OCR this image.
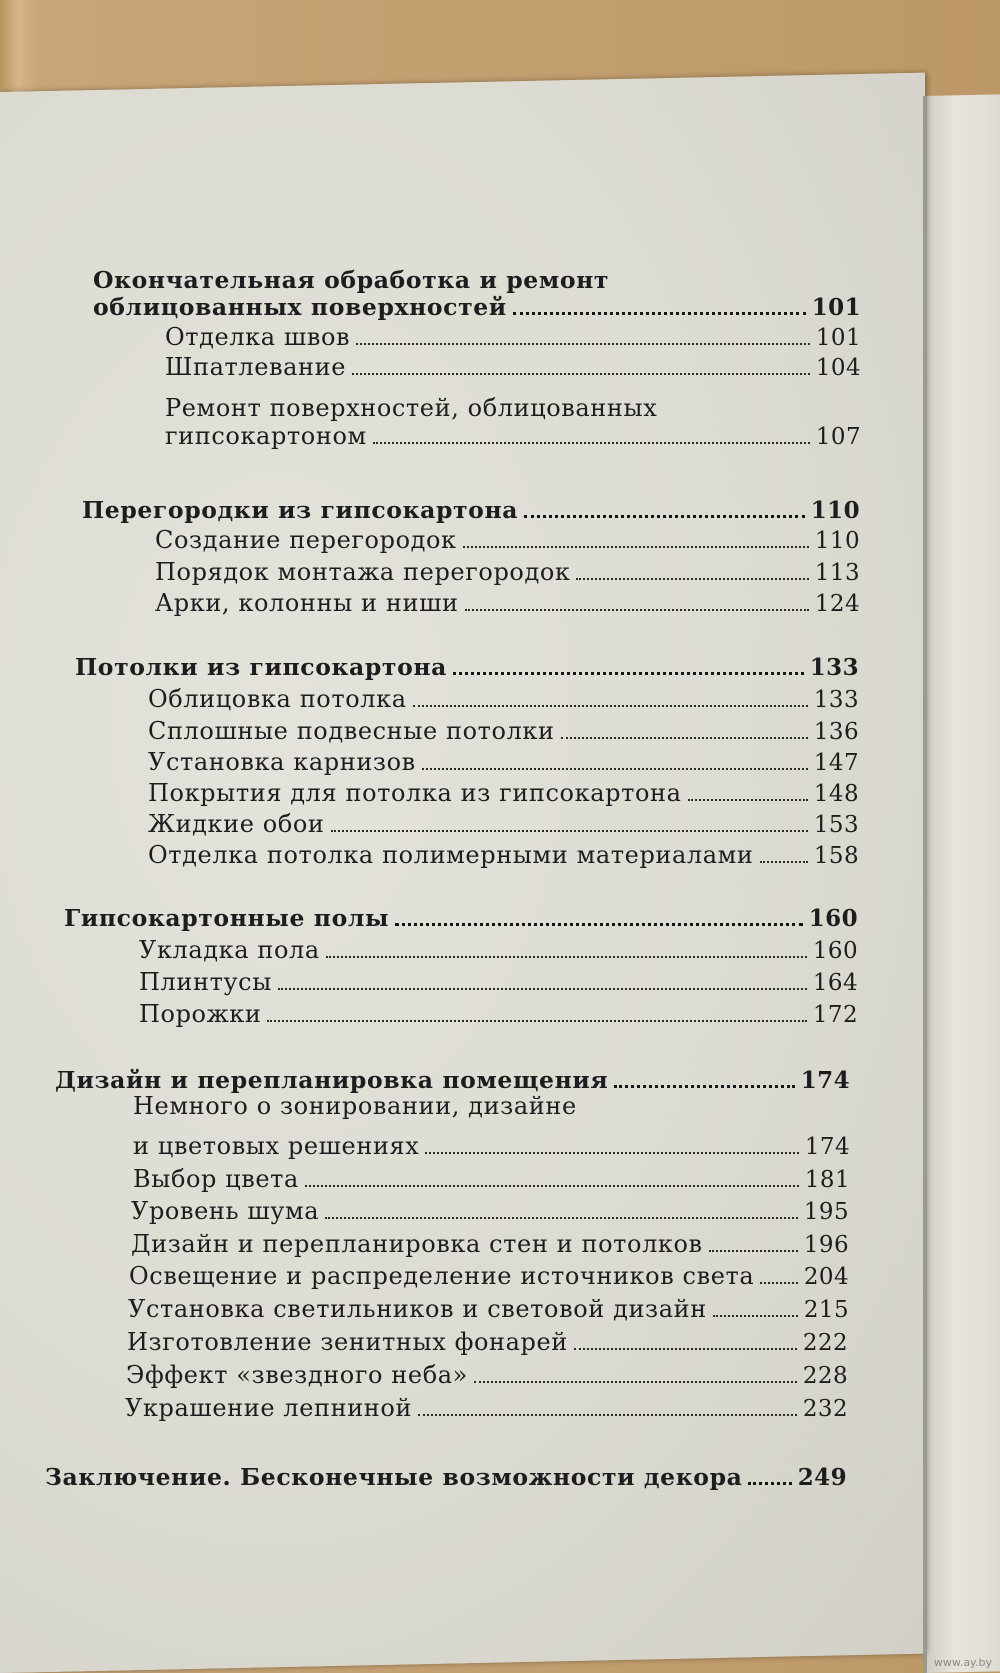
Окончательная обработка и ремонт
облицованных поверхностей	101
Отделка швов	101
Шпатлевание	104
Ремонт поверхностей, облицованных
гипсокартоном	107
Перегородки из гипсокартона	110
Создание перегородок	110
Порядок монтажа перегородок	113
Арки, колонны и ниши	124
Потолки из гипсокартона	133
Облицовка потолка	133
Сплошные подвесные потолки	136
Установка карнизов	147
Покрытия для потолка из гипсокартона	148
Жидкие обои	153
Отделка потолка полимерными материалами	158
Гипсокартонные полы	160
Укладка пола	160
Плинтусы	164
Порожки	172
Дизайн и перепланировка помещения	174
Немного о зонировании, дизайне
и цветовых решениях	174
Выбор цвета	181
Уровень шума	195
Дизайн и перепланировка стен и потолков	196
Освещение и распределение источников света 204
Установка светильников и световой дизайн	215
Изготовление зенитных фонарей	222
Эффект «звездного неба»	228
Украшение лепниной	232
Заключение. Бесконечные возможности декора 249
www.ay.by
